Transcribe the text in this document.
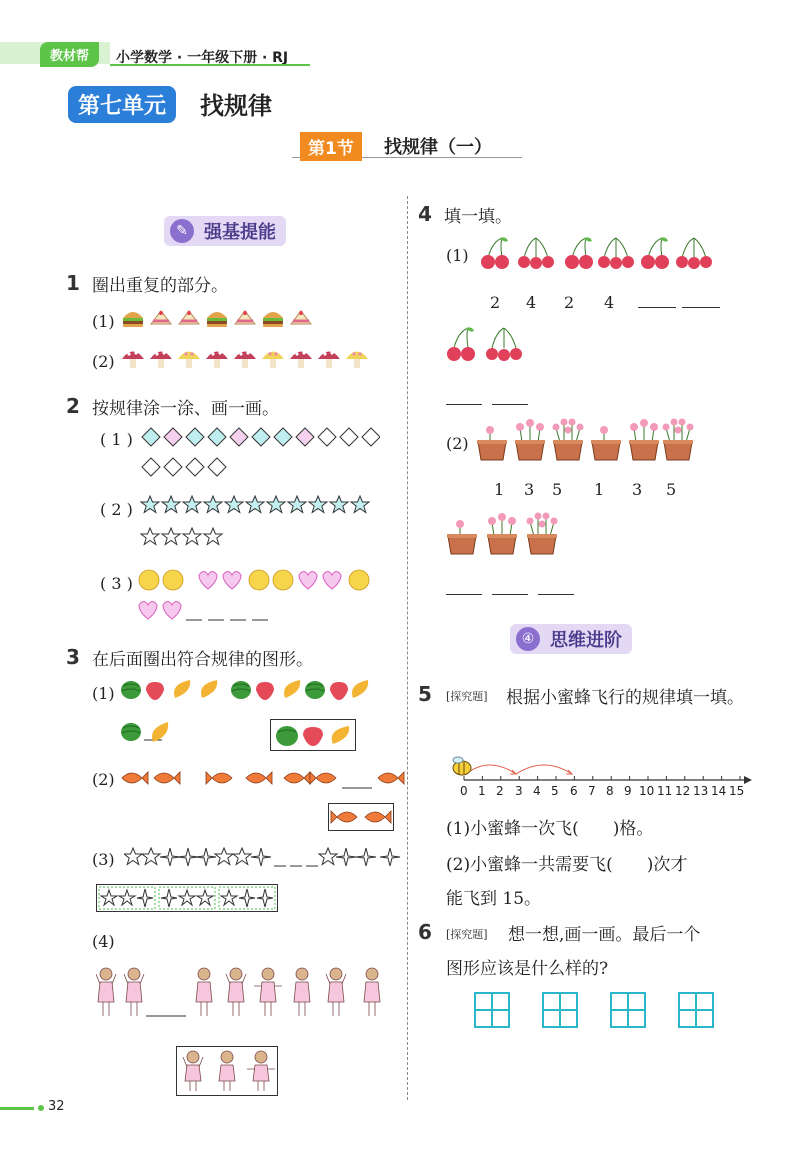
教材帮	小学数学 · 一年级下册 · RJ
第七单元	找规律
第1节	找规律（一）
强基提能
✎
1 圈出重复的部分。
(1)
(2)
2 按规律涂一涂、画一画。
( 1 )
( 2 )
( 3 )
3 在后面圈出符合规律的图形。
(1)
(2)
(3)
(4)
4 填一填。
(1)
2 4 2 4
(2)
1 3 5 1 3 5
思维进阶
④
5 [探究题]	根据小蜜蜂飞行的规律填一填。
0 1 2 3 4 5 6 7 8 9 10 11 12 13 14 15
(1)小蜜蜂一次飞(　　)格。
(2)小蜜蜂一共需要飞(　　)次才
能飞到 15。
6 [探究题] 想一想,画一画。最后一个
图形应该是什么样的?
32
